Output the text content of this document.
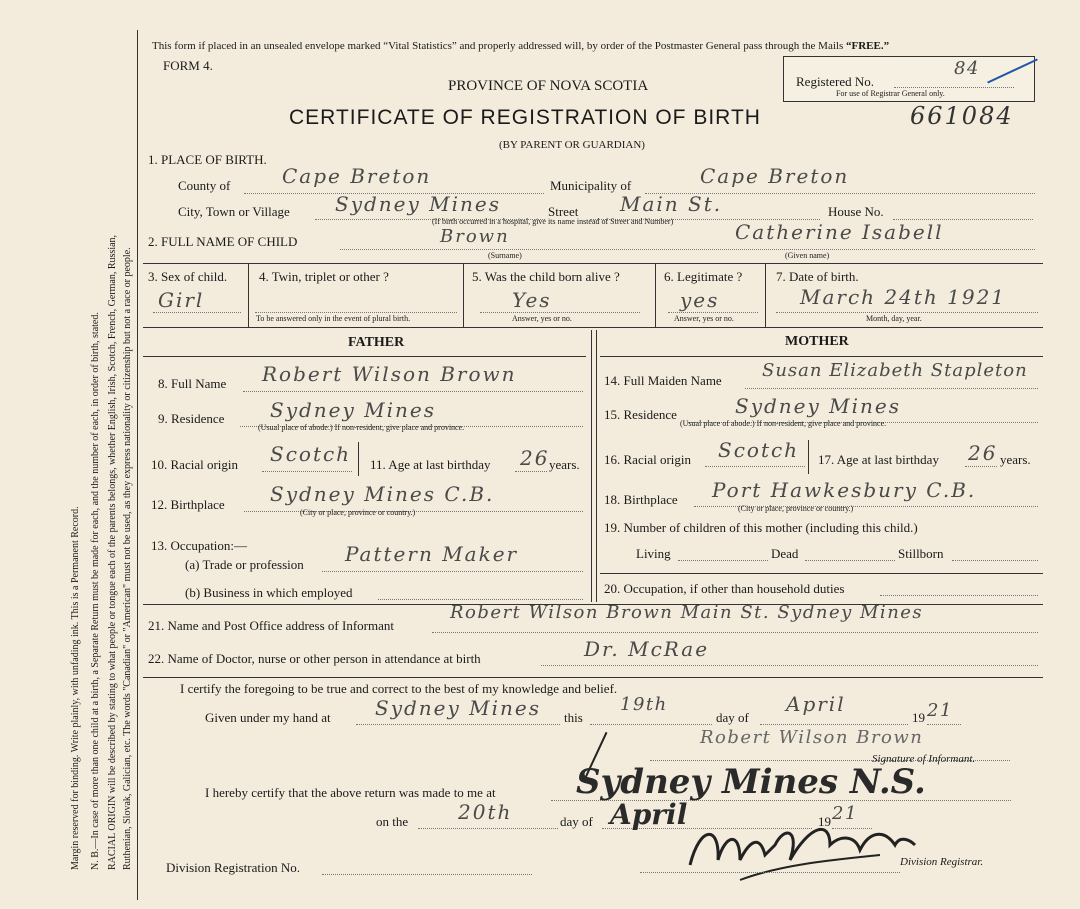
Margin reserved for binding. Write plainly, with unfading ink. This is a Permanent Record. N. B.—In case of more than one child at a birth, a Separate Return must be made for each, and the number of each, in order of birth, stated. RACIAL ORIGIN will be described by stating to what people or tongue each of the parents belongs, whether English, Irish, Scotch, French, German, Russian, Ruthenian, Slovak, Galician, etc. The words "Canadian" or "American" must not be used, as they express nationality or citizenship but not a race or people.
This form if placed in an unsealed envelope marked “Vital Statistics” and properly addressed will, by order of the Postmaster General pass through the Mails “FREE.”
FORM 4.
PROVINCE OF NOVA SCOTIA
CERTIFICATE OF REGISTRATION OF BIRTH
(BY PARENT OR GUARDIAN)
Registered No.
84
For use of Registrar General only.
661084
1. PLACE OF BIRTH.
County of	Cape Breton	Municipality of	Cape Breton
City, Town or Village Sydney Mines	Street Main St.	House No.
(If birth occurred in a hospital, give its name instead of Street and Number)
2. FULL NAME OF CHILD	Brown
(Surname)
Catherine Isabell
(Given name)
3. Sex of child.
Girl
4. Twin, triplet or other ?
To be answered only in the event of plural birth.
5. Was the child born alive ?
Yes
Answer, yes or no.
6. Legitimate ?
yes
Answer, yes or no.
7. Date of birth.
March 24th 1921
Month, day, year.
FATHER	MOTHER
8. Full Name Robert Wilson Brown
9. Residence Sydney Mines
(Usual place of abode.) If non-resident, give place and province.
10. Racial origin Scotch 11. Age at last birthday 26 years.
12. Birthplace Sydney Mines C.B.
(City or place, province or country.)
13. Occupation:—
(a) Trade or profession Pattern Maker
(b) Business in which employed
14. Full Maiden Name Susan Elizabeth Stapleton
15. Residence	Sydney Mines
(Usual place of abode.) If non-resident, give place and province.
16. Racial origin Scotch 17. Age at last birthday 26 years.
18. Birthplace Port Hawkesbury C.B.
(City or place, province or country.)
19. Number of children of this mother (including this child.)
Living	Dead	Stillborn
20. Occupation, if other than household duties
21. Name and Post Office address of Informant
Robert Wilson Brown Main St. Sydney Mines
22. Name of Doctor, nurse or other person in attendance at birth	Dr. McRae
I certify the foregoing to be true and correct to the best of my knowledge and belief.
Given under my hand at Sydney Mines this
19th
day of
April
19 21
Robert Wilson Brown
Signature of Informant.
I hereby certify that the above return was made to me at Sydney Mines N.S.
on the 20th	day of April	19 21
Division Registration No.	Division Registrar.
